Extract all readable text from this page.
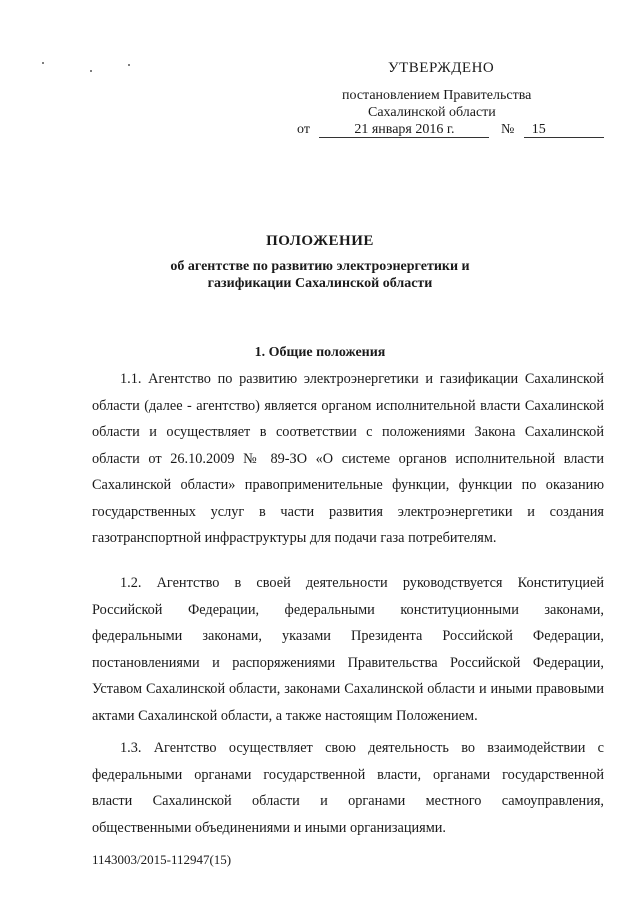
УТВЕРЖДЕНО
постановлением Правительства
Сахалинской области
от	21 января 2016 г.	№ 15
ПОЛОЖЕНИЕ
об агентстве по развитию электроэнергетики и
газификации Сахалинской области
1. Общие положения

1.1. Агентство по развитию электроэнергетики и газификации Сахалинской области (далее - агентство) является органом исполнительной власти Сахалинской области и осуществляет в соответствии с положениями Закона Сахалинской области от 26.10.2009 № 89-ЗО «О системе органов исполнительной власти Сахалинской области» правоприменительные функции, функции по оказанию государственных услуг в части развития электроэнергетики и создания газотранспортной инфраструктуры для подачи газа потребителям.

1.2. Агентство в своей деятельности руководствуется Конституцией Российской Федерации, федеральными конституционными законами, федеральными законами, указами Президента Российской Федерации, постановлениями и распоряжениями Правительства Российской Федерации, Уставом Сахалинской области, законами Сахалинской области и иными правовыми актами Сахалинской области, а также настоящим Положением.

1.3. Агентство осуществляет свою деятельность во взаимодействии с федеральными органами государственной власти, органами государственной власти Сахалинской области и органами местного самоуправления, общественными объединениями и иными организациями.

1143003/2015-112947(15)
